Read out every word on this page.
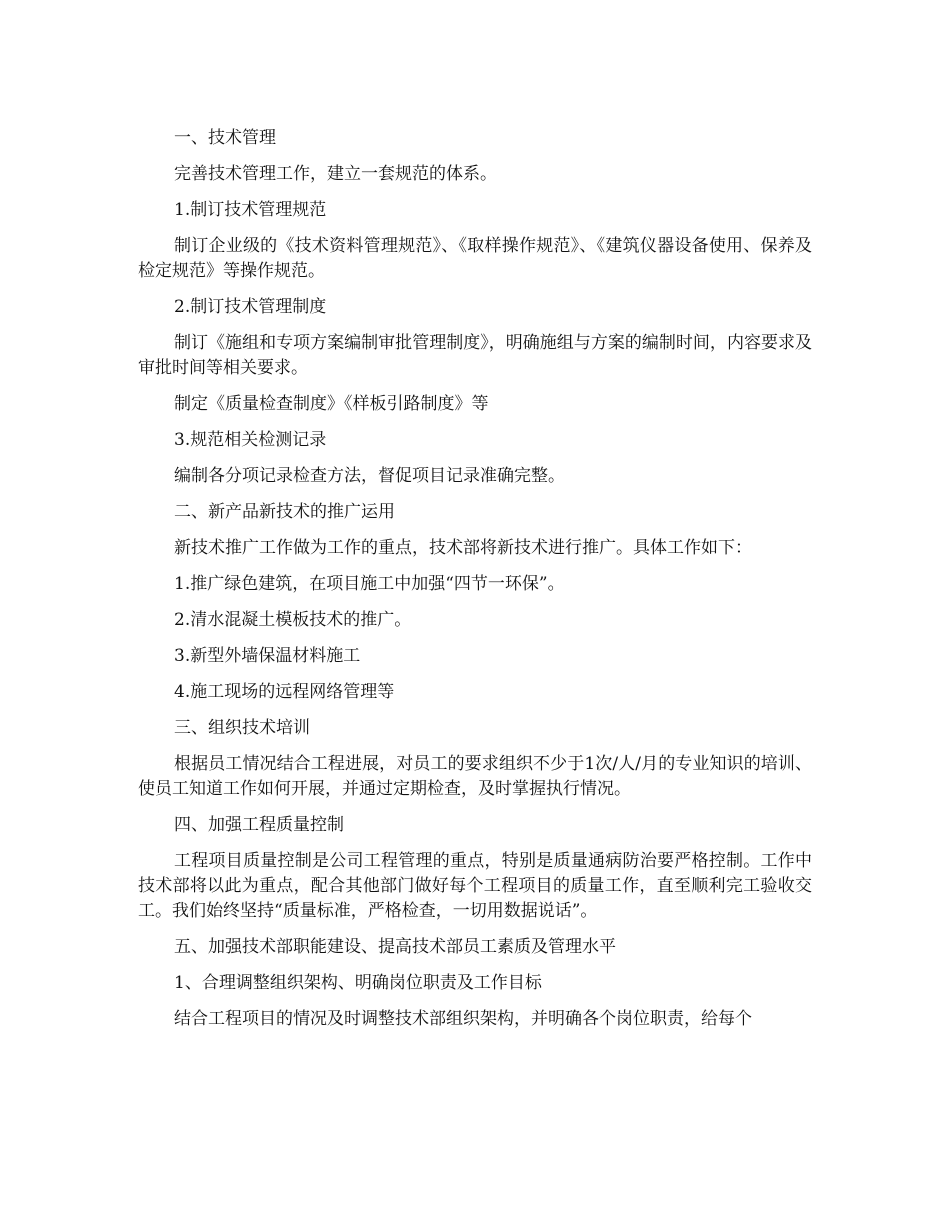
一、技术管理

完善技术管理工作，建立一套规范的体系。

1.制订技术管理规范

制订企业级的《技术资料管理规范》、《取样操作规范》、《建筑仪器设备使用、保养及检定规范》等操作规范。

2.制订技术管理制度

制订《施组和专项方案编制审批管理制度》，明确施组与方案的编制时间，内容要求及审批时间等相关要求。

制定《质量检查制度》《样板引路制度》等

3.规范相关检测记录

编制各分项记录检查方法，督促项目记录准确完整。

二、新产品新技术的推广运用

新技术推广工作做为工作的重点，技术部将新技术进行推广。具体工作如下：

1.推广绿色建筑，在项目施工中加强“四节一环保”。

2.清水混凝土模板技术的推广。

3.新型外墙保温材料施工

4.施工现场的远程网络管理等

三、组织技术培训

根据员工情况结合工程进展，对员工的要求组织不少于1次/人/月的专业知识的培训、使员工知道工作如何开展，并通过定期检查，及时掌握执行情况。

四、加强工程质量控制

工程项目质量控制是公司工程管理的重点，特别是质量通病防治要严格控制。工作中技术部将以此为重点，配合其他部门做好每个工程项目的质量工作，直至顺利完工验收交工。我们始终坚持“质量标准，严格检查，一切用数据说话”。

五、加强技术部职能建设、提高技术部员工素质及管理水平

1、合理调整组织架构、明确岗位职责及工作目标

结合工程项目的情况及时调整技术部组织架构，并明确各个岗位职责，给每个
